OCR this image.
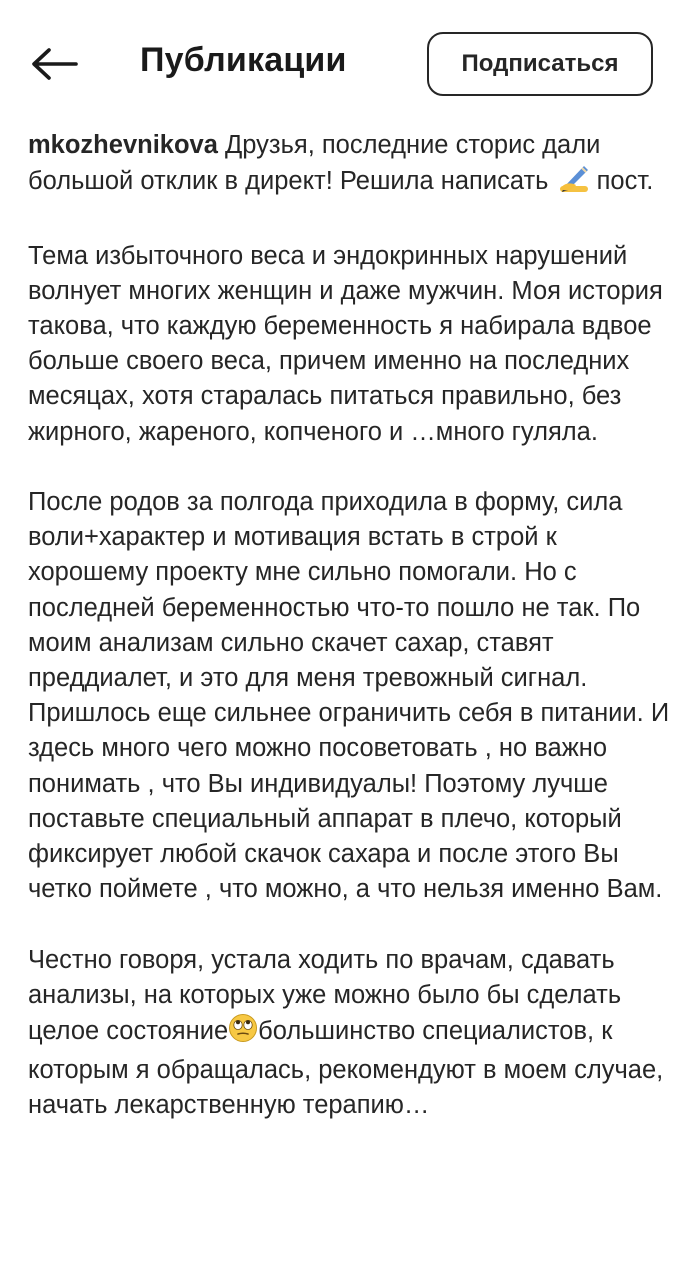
Публикации	Подписаться

mkozhevnikova Друзья, последние сторис дали большой отклик в директ! Решила написать  пост.

Тема избыточного веса и эндокринных нарушений волнует многих женщин и даже мужчин. Моя история такова, что каждую беременность я набирала вдвое больше своего веса, причем именно на последних месяцах, хотя старалась питаться правильно, без жирного, жареного, копченого и …много гуляла.

После родов за полгода приходила в форму, сила воли+характер и мотивация встать в строй к хорошему проекту мне сильно помогали. Но с последней беременностью что-то пошло не так. По моим анализам сильно скачет сахар, ставят преддиалет, и это для меня тревожный сигнал. Пришлось еще сильнее ограничить себя в питании. И здесь много чего можно посоветовать , но важно понимать , что Вы индивидуалы! Поэтому лучше поставьте специальный аппарат в плечо, который фиксирует любой скачок сахара и после этого Вы четко поймете , что можно, а что нельзя именно Вам.

Честно говоря, устала ходить по врачам, сдавать анализы, на которых уже можно было бы сделать целое состояние большинство специалистов, к которым я обращалась, рекомендуют в моем случае, начать лекарственную терапию…
